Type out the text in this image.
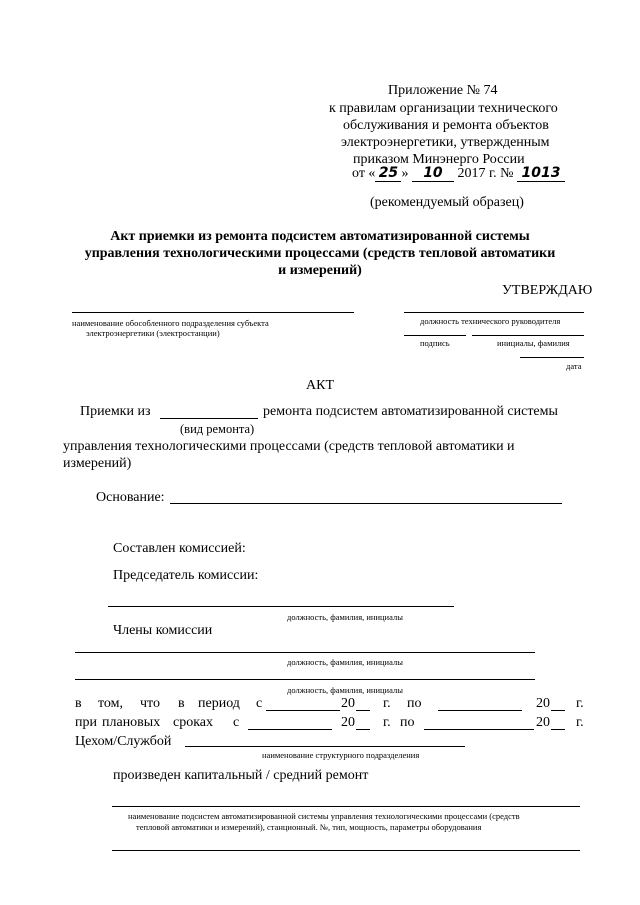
Приложение № 74
к правилам организации технического
обслуживания и ремонта объектов
электроэнергетики, утвержденным
приказом Минэнерго России
от « 25 » 10 2017 г. № 1013
(рекомендуемый образец)
Акт приемки из ремонта подсистем автоматизированной системы
управления технологическими процессами (средств тепловой автоматики
и измерений)
УТВЕРЖДАЮ
наименование обособленного подразделения субъекта
электроэнергетики (электростанции)
должность технического руководителя
подпись	инициалы, фамилия
дата
АКТ
Приемки из	ремонта подсистем автоматизированной системы
(вид ремонта)
управления технологическими процессами (средств тепловой автоматики и
измерений)
Основание:
Составлен комиссией:
Председатель комиссии:
должность, фамилия, инициалы
Члены комиссии
должность, фамилия, инициалы
должность, фамилия, инициалы
в том, что в период с	20 г. по	20 г.
при плановых сроках с	20 г. по	20 г.
Цехом/Службой
наименование структурного подразделения
произведен капитальный / средний ремонт
наименование подсистем автоматизированной системы управления технологическими процессами (средств
тепловой автоматики и измерений), станционный. №, тип, мощность, параметры оборудования
